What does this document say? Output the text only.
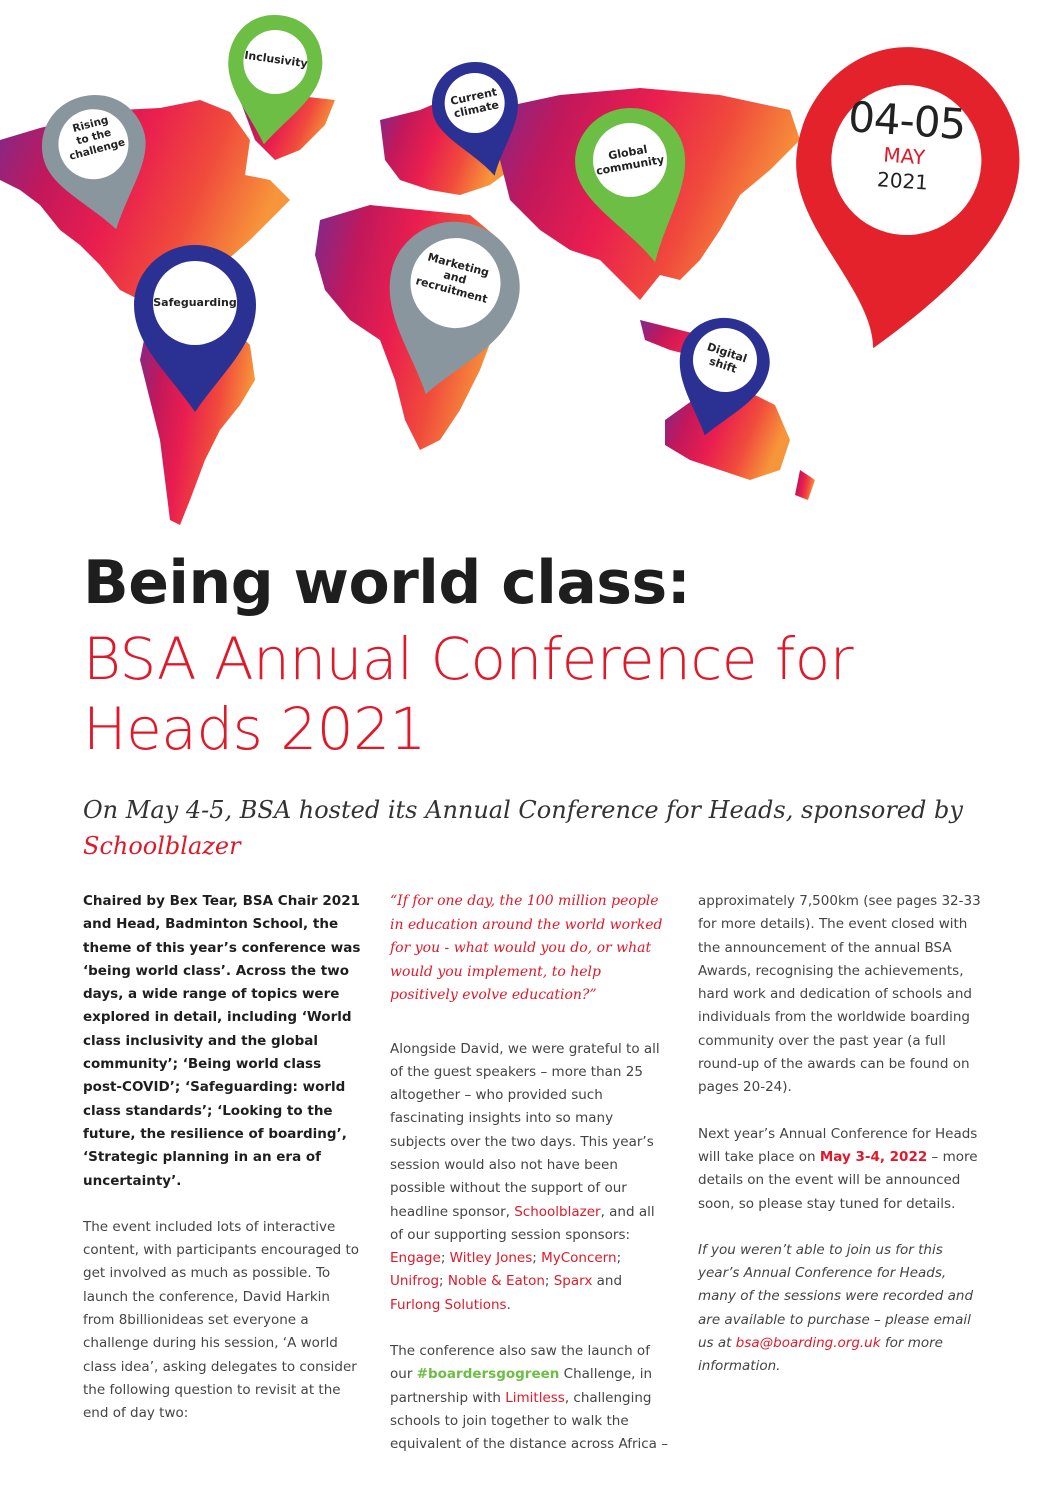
Rising
to the
challenge
Inclusivity
Current
climate
Global
community
Safeguarding
Marketing
and
recruitment
Digital
shift
04-05
MAY
2021
Being world class:
BSA Annual Conference for Heads 2021
On May 4-5, BSA hosted its Annual Conference for Heads, sponsored by Schoolblazer

Chaired by Bex Tear, BSA Chair 2021 and Head, Badminton School, the theme of this year’s conference was ‘being world class’. Across the two days, a wide range of topics were explored in detail, including ‘World class inclusivity and the global community’; ‘Being world class post-COVID’; ‘Safeguarding: world class standards’; ‘Looking to the future, the resilience of boarding’, ‘Strategic planning in an era of uncertainty’.

The event included lots of interactive content, with participants encouraged to get involved as much as possible. To launch the conference, David Harkin from 8billionideas set everyone a challenge during his session, ‘A world class idea’, asking delegates to consider the following question to revisit at the end of day two:

“If for one day, the 100 million people in education around the world worked for you - what would you do, or what would you implement, to help positively evolve education?”

Alongside David, we were grateful to all of the guest speakers – more than 25 altogether – who provided such fascinating insights into so many subjects over the two days. This year’s session would also not have been possible without the support of our headline sponsor, Schoolblazer, and all of our supporting session sponsors: Engage; Witley Jones; MyConcern; Unifrog; Noble & Eaton; Sparx and Furlong Solutions.

The conference also saw the launch of our #boardersgogreen Challenge, in partnership with Limitless, challenging schools to join together to walk the equivalent of the distance across Africa –

approximately 7,500km (see pages 32-33 for more details). The event closed with the announcement of the annual BSA Awards, recognising the achievements, hard work and dedication of schools and individuals from the worldwide boarding community over the past year (a full round-up of the awards can be found on pages 20-24).

Next year’s Annual Conference for Heads will take place on May 3-4, 2022 – more details on the event will be announced soon, so please stay tuned for details.

If you weren’t able to join us for this year’s Annual Conference for Heads, many of the sessions were recorded and are available to purchase – please email us at bsa@boarding.org.uk for more information.
